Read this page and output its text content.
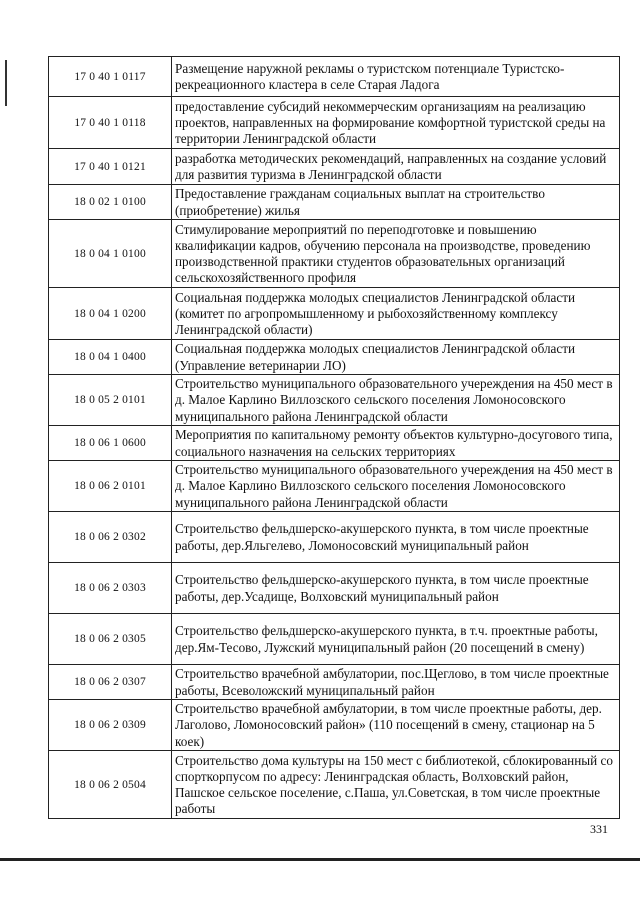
17 0 40 1 0117	Размещение наружной рекламы о туристском потенциале Туристско-рекреационного кластера в селе Старая Ладога
17 0 40 1 0118	предоставление субсидий некоммерческим организациям на реализацию проектов, направленных на формирование комфортной туристской среды на территории Ленинградской области
17 0 40 1 0121	разработка методических рекомендаций, направленных на создание условий для развития туризма в Ленинградской области
18 0 02 1 0100	Предоставление гражданам социальных выплат на строительство (приобретение) жилья
18 0 04 1 0100	Стимулирование мероприятий по переподготовке и повышению квалификации кадров, обучению персонала на производстве, проведению производственной практики студентов образовательных организаций сельскохозяйственного профиля
18 0 04 1 0200	Социальная поддержка молодых специалистов Ленинградской области (комитет по агропромышленному и рыбохозяйственному комплексу Ленинградской области)
18 0 04 1 0400	Социальная поддержка молодых специалистов Ленинградской области (Управление ветеринарии ЛО)
18 0 05 2 0101	Строительство муниципального образовательного учереждения на 450 мест в д. Малое Карлино Виллозского сельского поселения Ломоносовского муниципального района Ленинградской области
18 0 06 1 0600	Мероприятия по капитальному ремонту объектов культурно-досугового типа, социального назначения на сельских территориях
18 0 06 2 0101	Строительство муниципального образовательного учереждения на 450 мест в д. Малое Карлино Виллозского сельского поселения Ломоносовского муниципального района Ленинградской области
18 0 06 2 0302	Строительство фельдшерско-акушерского пункта, в том числе проектные работы, дер.Яльгелево, Ломоносовский муниципальный район
18 0 06 2 0303	Строительство фельдшерско-акушерского пункта, в том числе проектные работы, дер.Усадище, Волховский муниципальный район
18 0 06 2 0305	Строительство фельдшерско-акушерского пункта, в т.ч. проектные работы, дер.Ям-Тесово, Лужский муниципальный район (20 посещений в смену)
18 0 06 2 0307	Строительство врачебной амбулатории, пос.Щеглово, в том числе проектные работы, Всеволожский муниципальный район
18 0 06 2 0309	Строительство врачебной амбулатории, в том числе проектные работы, дер. Лаголово, Ломоносовский район» (110 посещений в смену, стационар на 5 коек)
18 0 06 2 0504	Строительство дома культуры на 150 мест с библиотекой, сблокированный со спорткорпусом по адресу: Ленинградская область, Волховский район, Пашское сельское поселение, с.Паша, ул.Советская, в том числе проектные работы
331
